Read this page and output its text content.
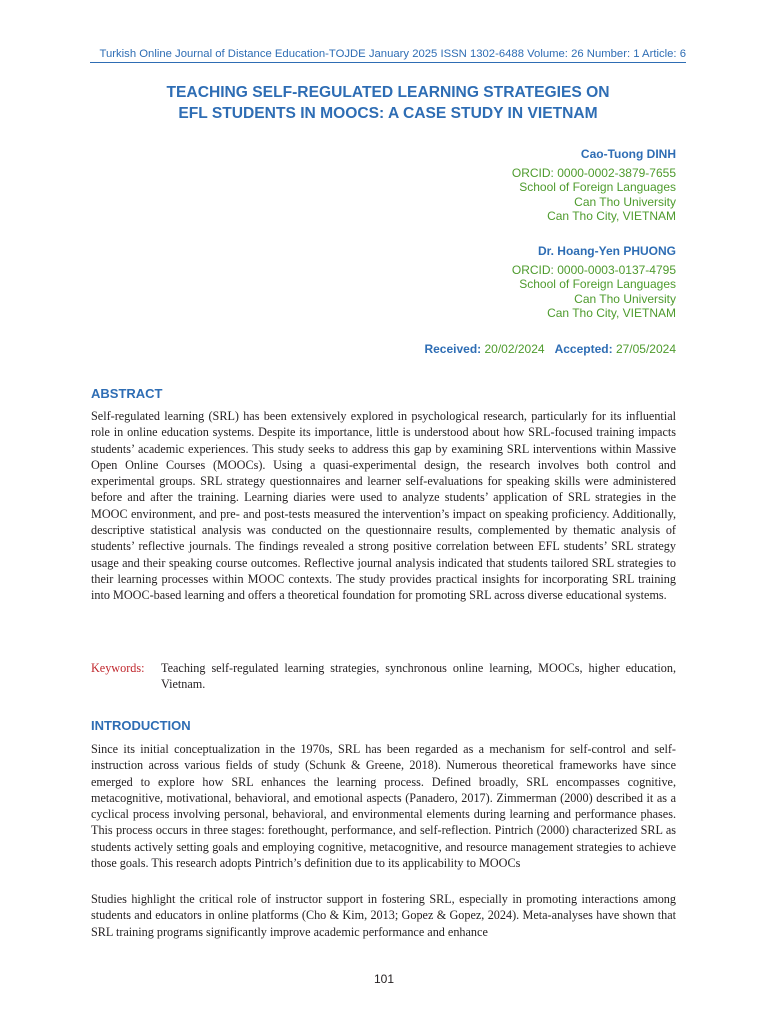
Turkish Online Journal of Distance Education-TOJDE January 2025 ISSN 1302-6488 Volume: 26 Number: 1 Article: 6
TEACHING SELF-REGULATED LEARNING STRATEGIES ON
EFL STUDENTS IN MOOCS: A CASE STUDY IN VIETNAM
Cao-Tuong DINH
ORCID: 0000-0002-3879-7655
School of Foreign Languages
Can Tho University
Can Tho City, VIETNAM
Dr. Hoang-Yen PHUONG
ORCID: 0000-0003-0137-4795
School of Foreign Languages
Can Tho University
Can Tho City, VIETNAM
Received: 20/02/2024 Accepted: 27/05/2024
ABSTRACT

Self-regulated learning (SRL) has been extensively explored in psychological research, particularly for its influential role in online education systems. Despite its importance, little is understood about how SRL-focused training impacts students’ academic experiences. This study seeks to address this gap by examining SRL interventions within Massive Open Online Courses (MOOCs). Using a quasi-experimental design, the research involves both control and experimental groups. SRL strategy questionnaires and learner self-evaluations for speaking skills were administered before and after the training. Learning diaries were used to analyze students’ application of SRL strategies in the MOOC environment, and pre- and post-tests measured the intervention’s impact on speaking proficiency. Additionally, descriptive statistical analysis was conducted on the questionnaire results, complemented by thematic analysis of students’ reflective journals. The findings revealed a strong positive correlation between EFL students’ SRL strategy usage and their speaking course outcomes. Reflective journal analysis indicated that students tailored SRL strategies to their learning processes within MOOC contexts. The study provides practical insights for incorporating SRL training into MOOC-based learning and offers a theoretical foundation for promoting SRL across diverse educational systems.

Keywords:	Teaching self-regulated learning strategies, synchronous online learning, MOOCs, higher education, Vietnam.
INTRODUCTION

Since its initial conceptualization in the 1970s, SRL has been regarded as a mechanism for self-control and self-instruction across various fields of study (Schunk & Greene, 2018). Numerous theoretical frameworks have since emerged to explore how SRL enhances the learning process. Defined broadly, SRL encompasses cognitive, metacognitive, motivational, behavioral, and emotional aspects (Panadero, 2017). Zimmerman (2000) described it as a cyclical process involving personal, behavioral, and environmental elements during learning and performance phases. This process occurs in three stages: forethought, performance, and self-reflection. Pintrich (2000) characterized SRL as students actively setting goals and employing cognitive, metacognitive, and resource management strategies to achieve those goals. This research adopts Pintrich’s definition due to its applicability to MOOCs

Studies highlight the critical role of instructor support in fostering SRL, especially in promoting interactions among students and educators in online platforms (Cho & Kim, 2013; Gopez & Gopez, 2024). Meta-analyses have shown that SRL training programs significantly improve academic performance and enhance

101
